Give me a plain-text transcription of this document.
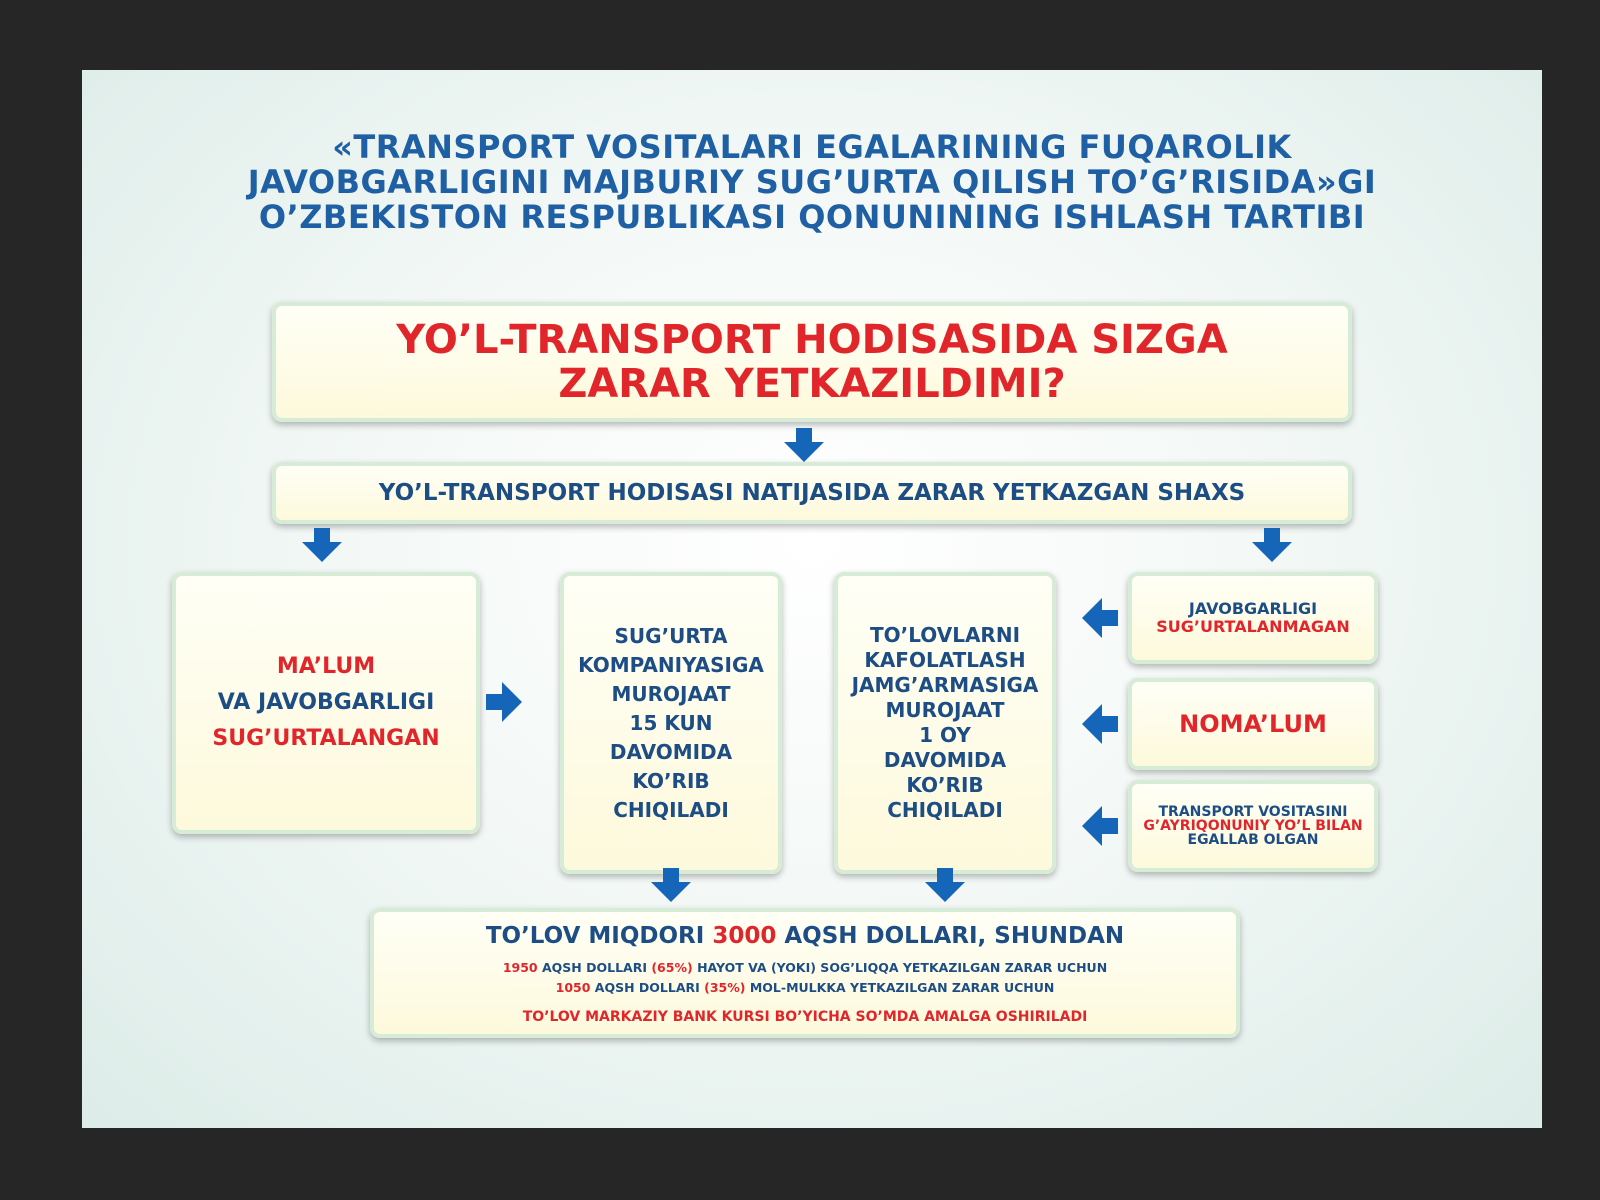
«TRANSPORT VOSITALARI EGALARINING FUQAROLIK
JAVOBGARLIGINI MAJBURIY SUG’URTA QILISH TO’G’RISIDA»GI
O’ZBEKISTON RESPUBLIKASI QONUNINING ISHLASH TARTIBI
YO’L-TRANSPORT HODISASIDA SIZGA
ZARAR YETKAZILDIMI?
YO’L-TRANSPORT HODISASI NATIJASIDA ZARAR YETKAZGAN SHAXS
MA’LUM
VA JAVOBGARLIGI
SUG’URTALANGAN
SUG’URTA
KOMPANIYASIGA
MUROJAAT
15 KUN
DAVOMIDA
KO’RIB
CHIQILADI
TO’LOVLARNI
KAFOLATLASH
JAMG’ARMASIGA
MUROJAAT
1 OY
DAVOMIDA
KO’RIB
CHIQILADI
JAVOBGARLIGI
SUG’URTALANMAGAN
NOMA’LUM
TRANSPORT VOSITASINI
G’AYRIQONUNIY YO’L BILAN
EGALLAB OLGAN
TO’LOV MIQDORI 3000 AQSH DOLLARI, SHUNDAN
1950 AQSH DOLLARI (65%) HAYOT VA (YOKI) SOG’LIQQA YETKAZILGAN ZARAR UCHUN
1050 AQSH DOLLARI (35%) MOL-MULKKA YETKAZILGAN ZARAR UCHUN
TO’LOV MARKAZIY BANK KURSI BO’YICHA SO’MDA AMALGA OSHIRILADI
